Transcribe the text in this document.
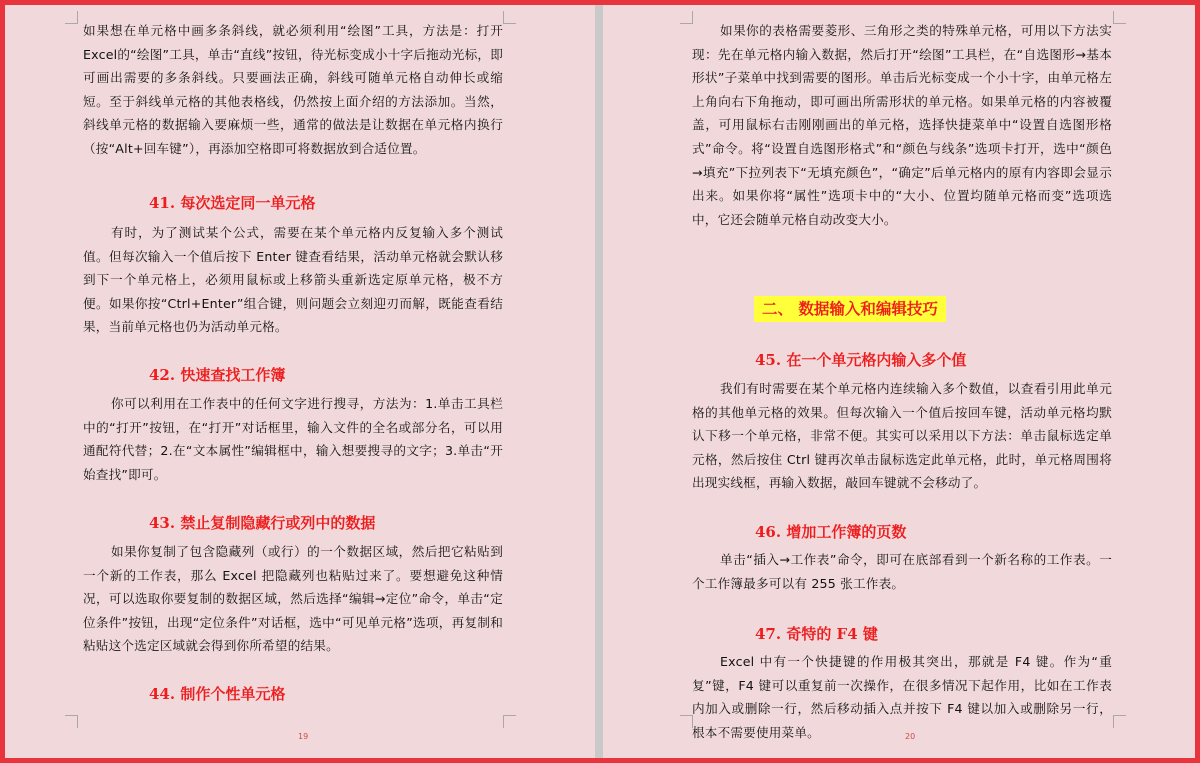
如果想在单元格中画多条斜线，就必须利用“绘图”工具，方法是：打开Excel的“绘图”工具，单击“直线”按钮，待光标变成小十字后拖动光标，即可画出需要的多条斜线。只要画法正确，斜线可随单元格自动伸长或缩短。至于斜线单元格的其他表格线，仍然按上面介绍的方法添加。当然，斜线单元格的数据输入要麻烦一些，通常的做法是让数据在单元格内换行（按“Alt+回车键”），再添加空格即可将数据放到合适位置。

41. 每次选定同一单元格

有时，为了测试某个公式，需要在某个单元格内反复输入多个测试值。但每次输入一个值后按下 Enter 键查看结果，活动单元格就会默认移到下一个单元格上，必须用鼠标或上移箭头重新选定原单元格，极不方便。如果你按“Ctrl+Enter”组合键，则问题会立刻迎刃而解，既能查看结果，当前单元格也仍为活动单元格。

42. 快速查找工作簿

你可以利用在工作表中的任何文字进行搜寻，方法为：1.单击工具栏中的“打开”按钮，在“打开”对话框里，输入文件的全名或部分名，可以用通配符代替；2.在“文本属性”编辑框中，输入想要搜寻的文字；3.单击“开始查找”即可。

43. 禁止复制隐藏行或列中的数据

如果你复制了包含隐藏列（或行）的一个数据区域，然后把它粘贴到一个新的工作表，那么 Excel 把隐藏列也粘贴过来了。要想避免这种情况，可以选取你要复制的数据区域，然后选择“编辑→定位”命令，单击“定位条件”按钮，出现“定位条件”对话框，选中“可见单元格”选项，再复制和粘贴这个选定区域就会得到你所希望的结果。

44. 制作个性单元格
19

如果你的表格需要菱形、三角形之类的特殊单元格，可用以下方法实现：先在单元格内输入数据，然后打开“绘图”工具栏，在“自选图形→基本形状”子菜单中找到需要的图形。单击后光标变成一个小十字，由单元格左上角向右下角拖动，即可画出所需形状的单元格。如果单元格的内容被覆盖，可用鼠标右击刚刚画出的单元格，选择快捷菜单中“设置自选图形格式”命令。将“设置自选图形格式”和“颜色与线条”选项卡打开，选中“颜色→填充”下拉列表下“无填充颜色”，“确定”后单元格内的原有内容即会显示出来。如果你将“属性”选项卡中的“大小、位置均随单元格而变”选项选中，它还会随单元格自动改变大小。

二、 数据输入和编辑技巧
45. 在一个单元格内输入多个值

我们有时需要在某个单元格内连续输入多个数值，以查看引用此单元格的其他单元格的效果。但每次输入一个值后按回车键，活动单元格均默认下移一个单元格，非常不便。其实可以采用以下方法：单击鼠标选定单元格，然后按住 Ctrl 键再次单击鼠标选定此单元格，此时，单元格周围将出现实线框，再输入数据，敲回车键就不会移动了。

46. 增加工作簿的页数

单击“插入→工作表”命令，即可在底部看到一个新名称的工作表。一个工作簿最多可以有 255 张工作表。

47. 奇特的 F4 键

Excel 中有一个快捷键的作用极其突出，那就是 F4 键。作为“重复”键，F4 键可以重复前一次操作，在很多情况下起作用，比如在工作表内加入或删除一行，然后移动插入点并按下 F4 键以加入或删除另一行，根本不需要使用菜单。	20
